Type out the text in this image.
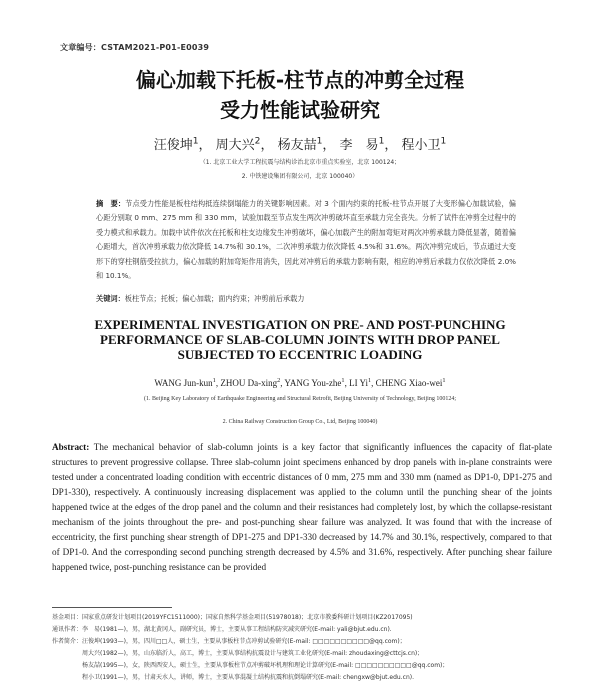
文章编号：CSTAM2021-P01-E0039
偏心加载下托板-柱节点的冲剪全过程
受力性能试验研究
汪俊坤$^1$， 周大兴$^2$， 杨友喆$^1$， 李　易$^1$， 程小卫$^1$
（1. 北京工业大学工程抗震与结构诊治北京市重点实验室，北京 100124；
2. 中铁建设集团有限公司，北京 100040）
摘　要：节点受力性能是板柱结构抵连续倒塌能力的关键影响因素。对 3 个面内约束的托板-柱节点开展了大变形偏心加载试验，偏心距分别取 0 mm、275 mm 和 330 mm，试验加载至节点发生两次冲剪破坏直至承载力完全丧失。分析了试件在冲剪全过程中的受力模式和承载力。加载中试件依次在托板和柱支边缘发生冲剪破坏，偏心加载产生的附加弯矩对两次冲剪承载力降低显著，随着偏心距增大，首次冲剪承载力依次降低 14.7%和 30.1%，二次冲剪承载力依次降低 4.5%和 31.6%。两次冲剪完成后，节点通过大变形下的穿柱钢筋受拉抗力，偏心加载的附加弯矩作用消失，因此对冲剪后的承载力影响有限，相应的冲剪后承载力仅依次降低 2.0%和 10.1%。
关键词：板柱节点；托板；偏心加载；面内约束；冲剪前后承载力
EXPERIMENTAL INVESTIGATION ON PRE- AND POST-PUNCHING
PERFORMANCE OF SLAB-COLUMN JOINTS WITH DROP PANEL
SUBJECTED TO ECCENTRIC LOADING
WANG Jun-kun$^1$, ZHOU Da-xing$^2$, YANG You-zhe$^1$, LI Yi$^1$, CHENG Xiao-wei$^1$
(1. Beijing Key Laboratory of Earthquake Engineering and Structural Retrofit, Beijing University of Technology, Beijing 100124;
2. China Railway Construction Group Co., Ltd, Beijing 100040)
Abstract: The mechanical behavior of slab-column joints is a key factor that significantly influences the capacity of flat-plate structures to prevent progressive collapse. Three slab-column joint specimens enhanced by drop panels with in-plane constraints were tested under a concentrated loading condition with eccentric distances of 0 mm, 275 mm and 330 mm (named as DP1-0, DP1-275 and DP1-330), respectively. A continuously increasing displacement was applied to the column until the punching shear of the joints happened twice at the edges of the drop panel and the column and their resistances had completely lost, by which the collapse-resistant mechanism of the joints throughout the pre- and post-punching shear failure was analyzed. It was found that with the increase of eccentricity, the first punching shear strength of DP1-275 and DP1-330 decreased by 14.7% and 30.1%, respectively, compared to that of DP1-0. And the corresponding second punching strength decreased by 4.5% and 31.6%, respectively. After punching shear failure happened twice, post-punching resistance can be provided
基金项目：国家重点研发计划项目(2019YFC1511000)；国家自然科学基金项目(51978018)；北京市教委科研计划项目(KZ2017095)
通讯作者：李　易(1981—)，男，湖北黄冈人，副研究员，博士，主要从事工程结构防灾减灾研究(E-mail: yali@bjut.edu.cn).
作者简介：汪俊坤(1993—)，男，四川□□人，硕士生，主要从事板柱节点冲剪试验研究(E-mail: □□□□□□□□□□@qq.com)；
　　　　　周大兴(1982—)，男，山东临沂人，高工，博士，主要从事结构抗震设计与建筑工业化研究(E-mail: zhoudaxing@cttcjs.cn)；
　　　　　杨友喆(1995—)，女，陕西西安人，硕士生，主要从事板柱节点冲剪破坏机理和理论计算研究(E-mail: □□□□□□□□□□@qq.com)；
　　　　　程小卫(1991—)，男，甘肃天水人，讲师，博士，主要从事混凝土结构抗震和抗倒塌研究(E-mail: chengxw@bjut.edu.cn).
